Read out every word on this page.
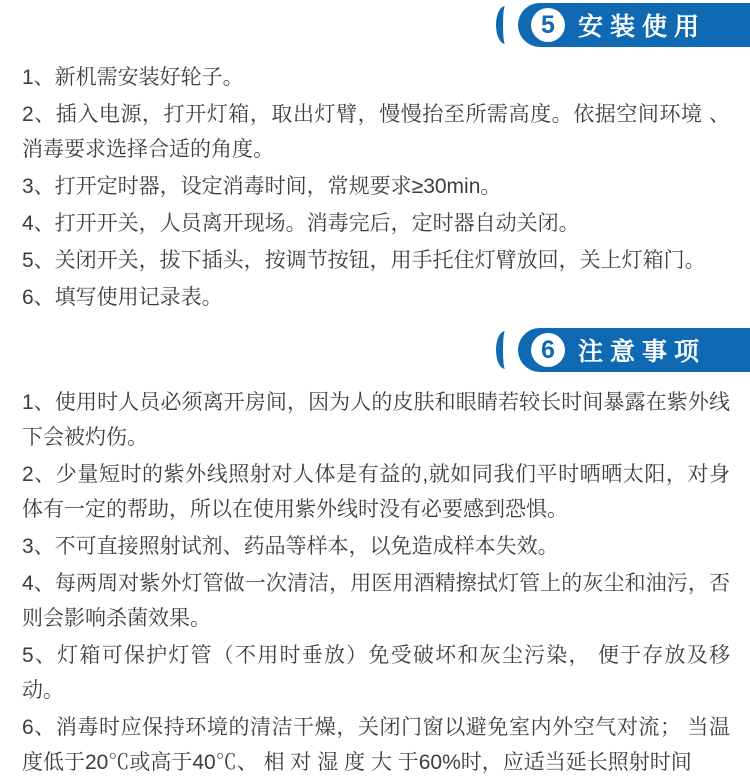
5 安装使用

1、新机需安装好轮子。

2、插入电源，打开灯箱，取出灯臂，慢慢抬至所需高度。依据空间环境 、 消毒要求选择合适的角度。

3、打开定时器，设定消毒时间，常规要求≥30min。

4、打开开关，人员离开现场。消毒完后，定时器自动关闭。

5、关闭开关，拔下插头，按调节按钮，用手托住灯臂放回，关上灯箱门。

6、填写使用记录表。

6 注意事项

1、使用时人员必须离开房间，因为人的皮肤和眼睛若较长时间暴露在紫外线下会被灼伤。

2、少量短时的紫外线照射对人体是有益的,就如同我们平时晒晒太阳，对身体有一定的帮助，所以在使用紫外线时没有必要感到恐惧。

3、不可直接照射试剂、药品等样本，以免造成样本失效。

4、每两周对紫外灯管做一次清洁，用医用酒精擦拭灯管上的灰尘和油污，否则会影响杀菌效果。

5、灯箱可保护灯管（不用时垂放）免受破坏和灰尘污染， 便于存放及移动。

6、消毒时应保持环境的清洁干燥，关闭门窗以避免室内外空气对流； 当温度低于20℃或高于40℃、 相 对 湿 度 大 于60%时，应适当延长照射时间
